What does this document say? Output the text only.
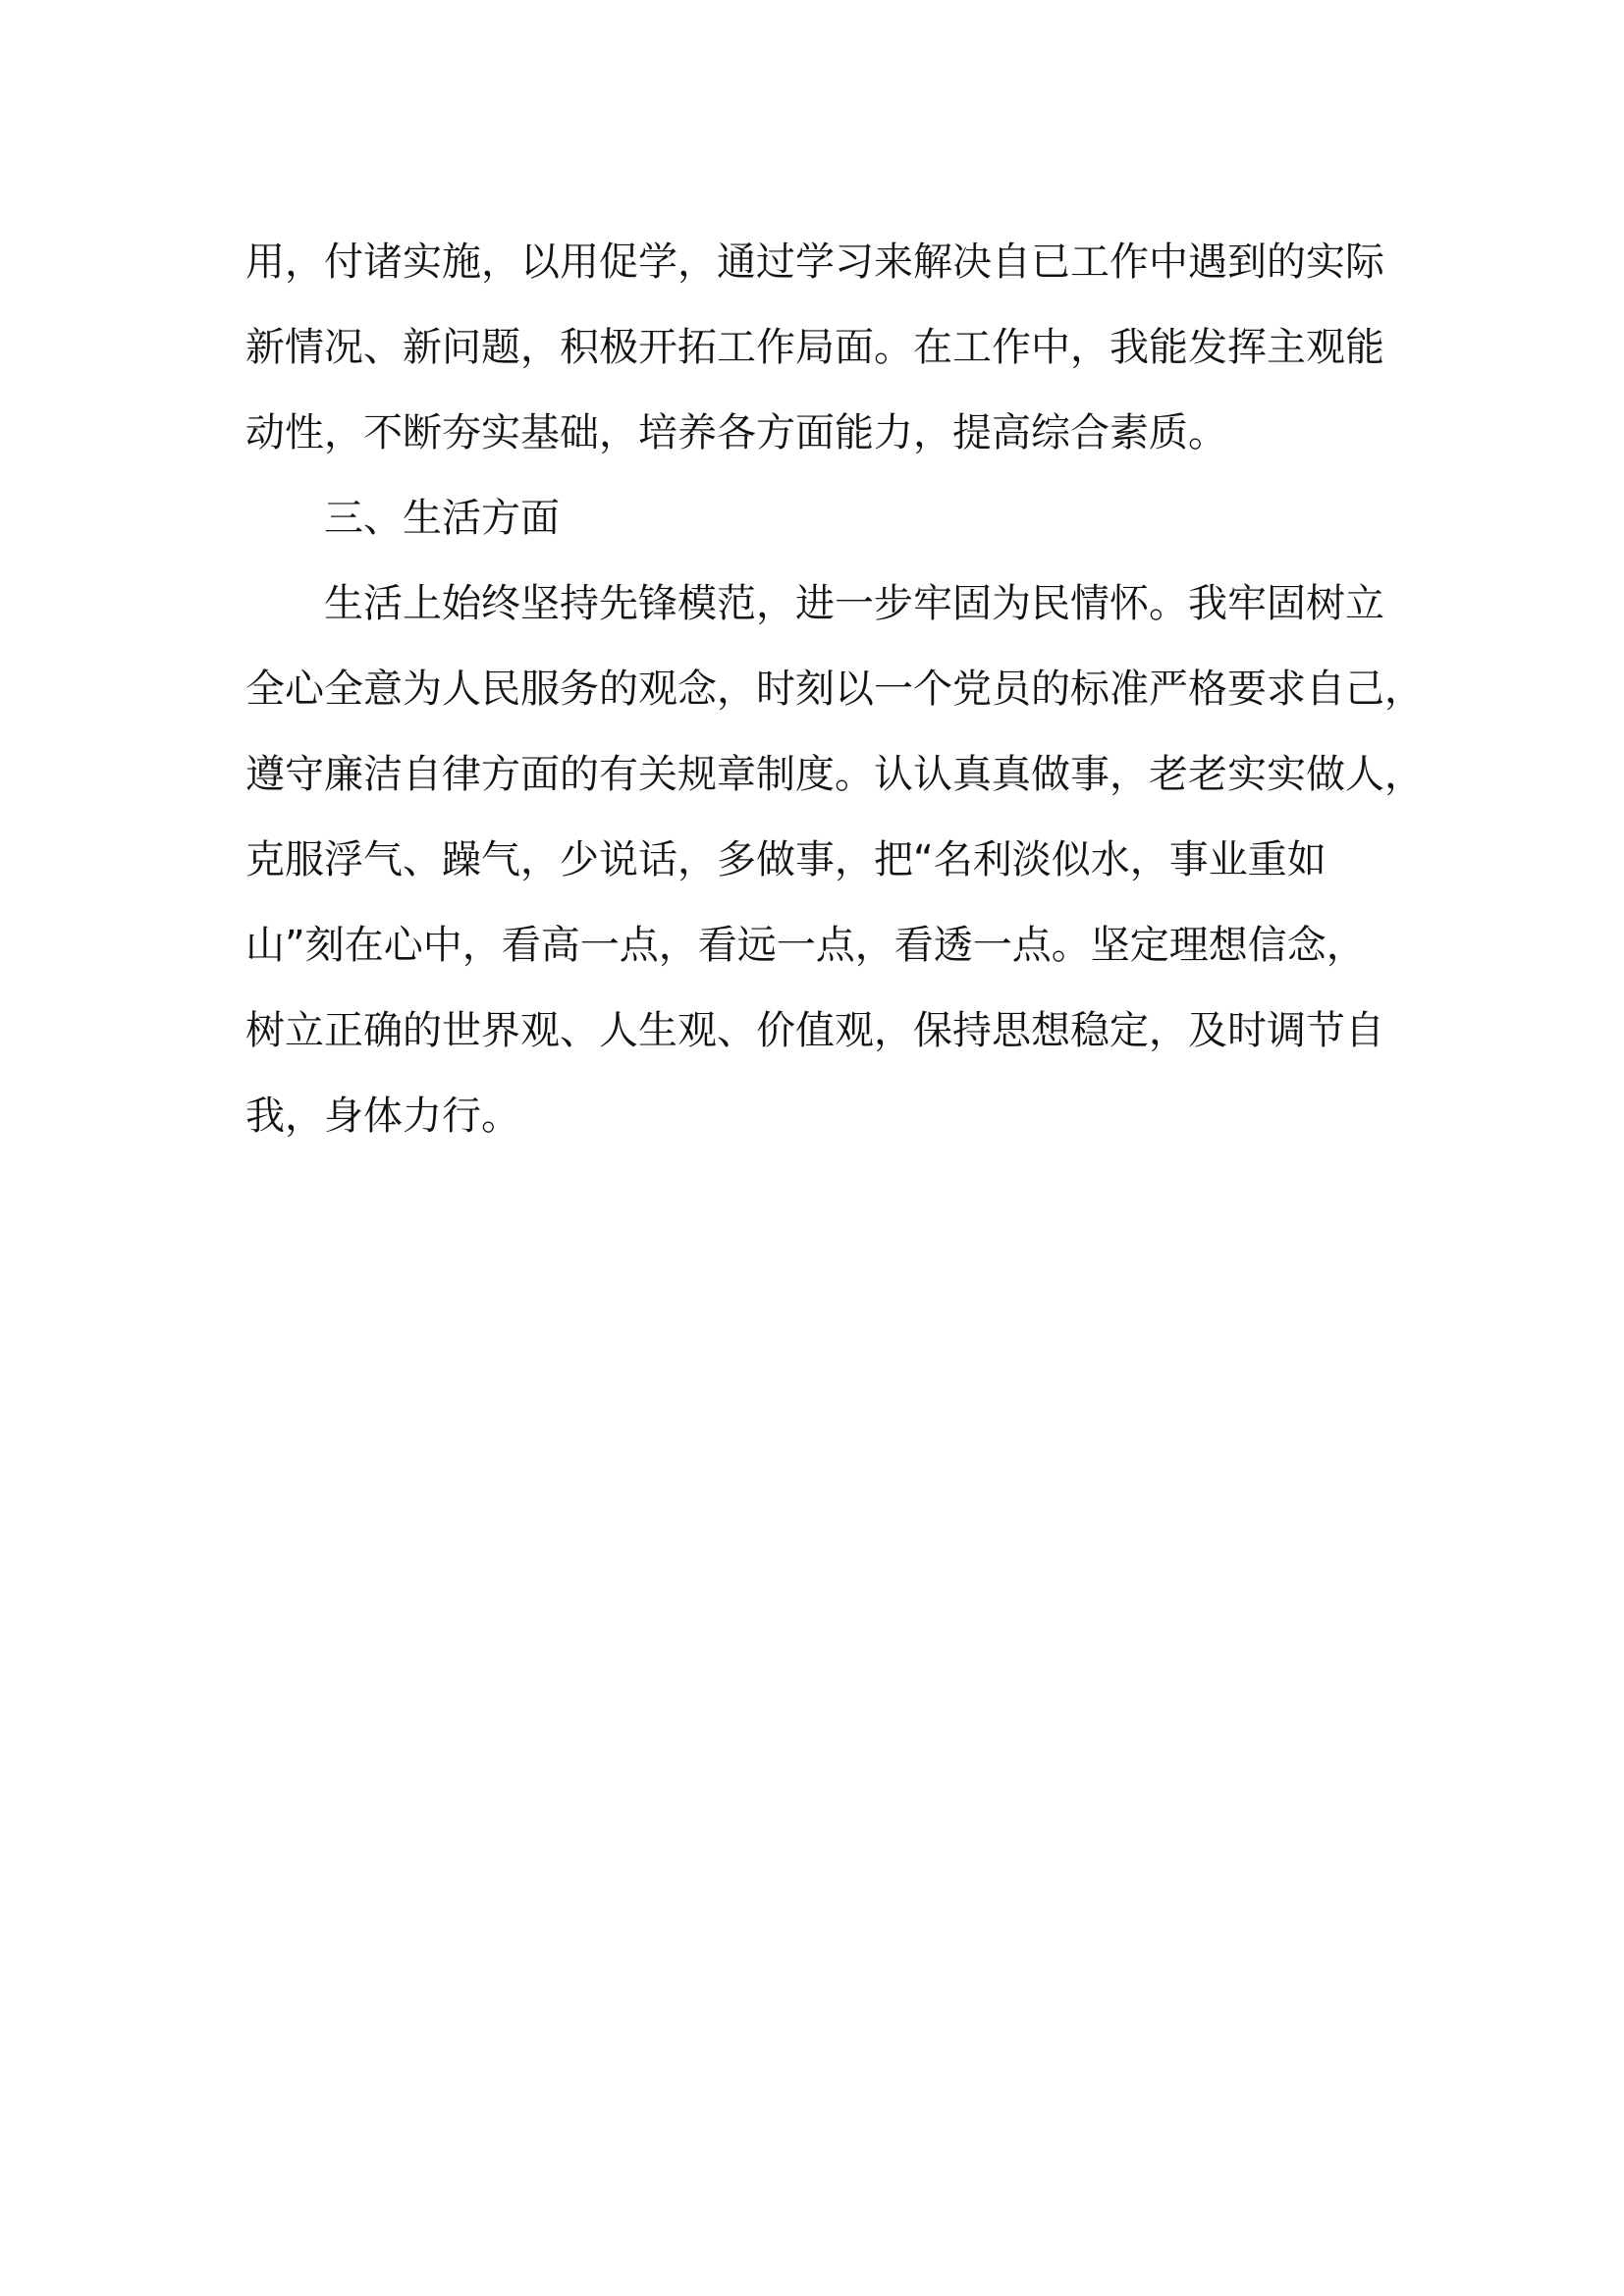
用，付诸实施，以用促学，通过学习来解决自已工作中遇到的实际
新情况、新问题，积极开拓工作局面。在工作中，我能发挥主观能
动性，不断夯实基础，培养各方面能力，提高综合素质。
三、生活方面
生活上始终坚持先锋模范，进一步牢固为民情怀。我牢固树立
全心全意为人民服务的观念，时刻以一个党员的标准严格要求自己，
遵守廉洁自律方面的有关规章制度。认认真真做事，老老实实做人，
克服浮气、躁气，少说话，多做事，把“名利淡似水，事业重如
山”刻在心中，看高一点，看远一点，看透一点。坚定理想信念，
树立正确的世界观、人生观、价值观，保持思想稳定，及时调节自
我，身体力行。
